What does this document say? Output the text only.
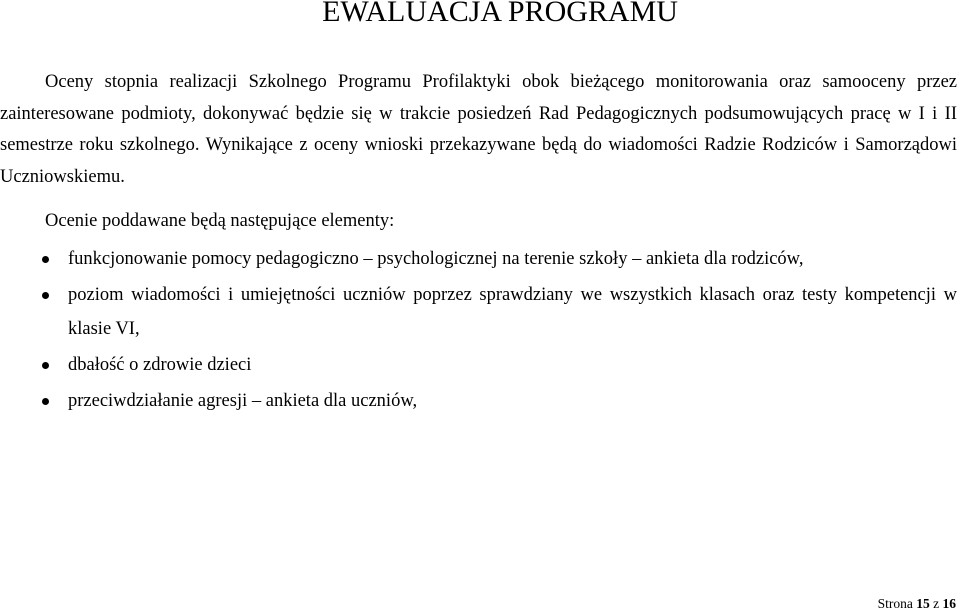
EWALUACJA PROGRAMU

Oceny stopnia realizacji Szkolnego Programu Profilaktyki obok bieżącego monitorowania oraz samooceny przez zainteresowane podmioty, dokonywać będzie się w trakcie posiedzeń Rad Pedagogicznych podsumowujących pracę w I i II semestrze roku szkolnego. Wynikające z oceny wnioski przekazywane będą do wiadomości Radzie Rodziców i Samorządowi Uczniowskiemu.

Ocenie poddawane będą następujące elementy:

funkcjonowanie pomocy pedagogiczno – psychologicznej na terenie szkoły – ankieta dla rodziców,
poziom wiadomości i umiejętności uczniów poprzez sprawdziany we wszystkich klasach oraz testy kompetencji w klasie VI,
dbałość o zdrowie dzieci
przeciwdziałanie agresji – ankieta dla uczniów,
Strona 15 z 16
